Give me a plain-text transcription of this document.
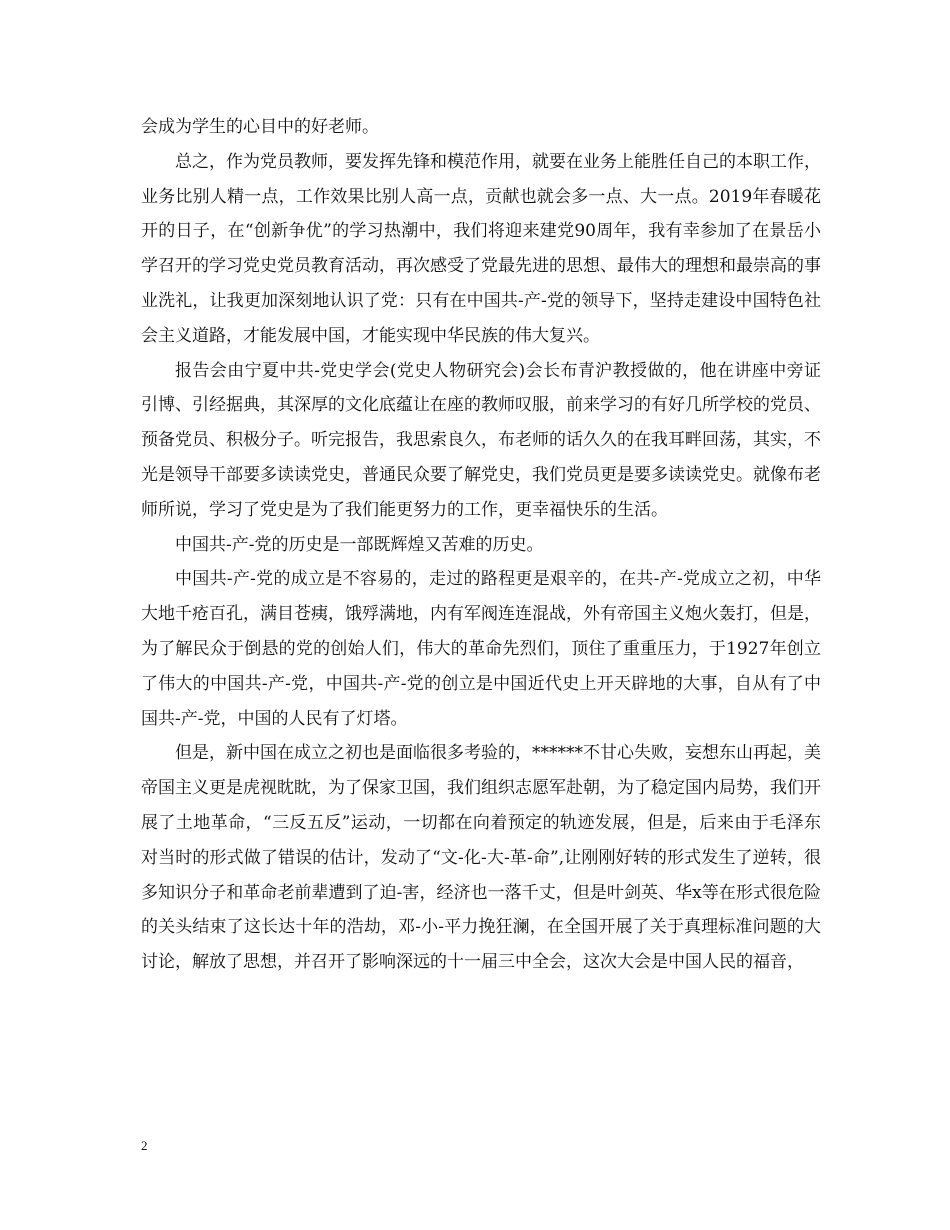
会成为学生的心目中的好老师。

总之，作为党员教师，要发挥先锋和模范作用，就要在业务上能胜任自己的本职工作，业务比别人精一点，工作效果比别人高一点，贡献也就会多一点、大一点。2019年春暖花开的日子，在“创新争优”的学习热潮中，我们将迎来建党90周年，我有幸参加了在景岳小学召开的学习党史党员教育活动，再次感受了党最先进的思想、最伟大的理想和最崇高的事业洗礼，让我更加深刻地认识了党：只有在中国共-产-党的领导下，坚持走建设中国特色社会主义道路，才能发展中国，才能实现中华民族的伟大复兴。

报告会由宁夏中共-党史学会(党史人物研究会)会长布青沪教授做的，他在讲座中旁证引博、引经据典，其深厚的文化底蕴让在座的教师叹服，前来学习的有好几所学校的党员、预备党员、积极分子。听完报告，我思索良久，布老师的话久久的在我耳畔回荡，其实，不光是领导干部要多读读党史，普通民众要了解党史，我们党员更是要多读读党史。就像布老师所说，学习了党史是为了我们能更努力的工作，更幸福快乐的生活。

中国共-产-党的历史是一部既辉煌又苦难的历史。

中国共-产-党的成立是不容易的，走过的路程更是艰辛的，在共-产-党成立之初，中华大地千疮百孔，满目苍痍，饿殍满地，内有军阀连连混战，外有帝国主义炮火轰打，但是，为了解民众于倒悬的党的创始人们，伟大的革命先烈们，顶住了重重压力，于1927年创立了伟大的中国共-产-党，中国共-产-党的创立是中国近代史上开天辟地的大事，自从有了中国共-产-党，中国的人民有了灯塔。

但是，新中国在成立之初也是面临很多考验的，******不甘心失败，妄想东山再起，美帝国主义更是虎视眈眈，为了保家卫国，我们组织志愿军赴朝，为了稳定国内局势，我们开展了土地革命，“三反五反”运动，一切都在向着预定的轨迹发展，但是，后来由于毛泽东对当时的形式做了错误的估计，发动了“文-化-大-革-命”,让刚刚好转的形式发生了逆转，很多知识分子和革命老前辈遭到了迫-害，经济也一落千丈，但是叶剑英、华x等在形式很危险的关头结束了这长达十年的浩劫，邓-小-平力挽狂澜，在全国开展了关于真理标准问题的大讨论，解放了思想，并召开了影响深远的十一届三中全会，这次大会是中国人民的福音，

2
